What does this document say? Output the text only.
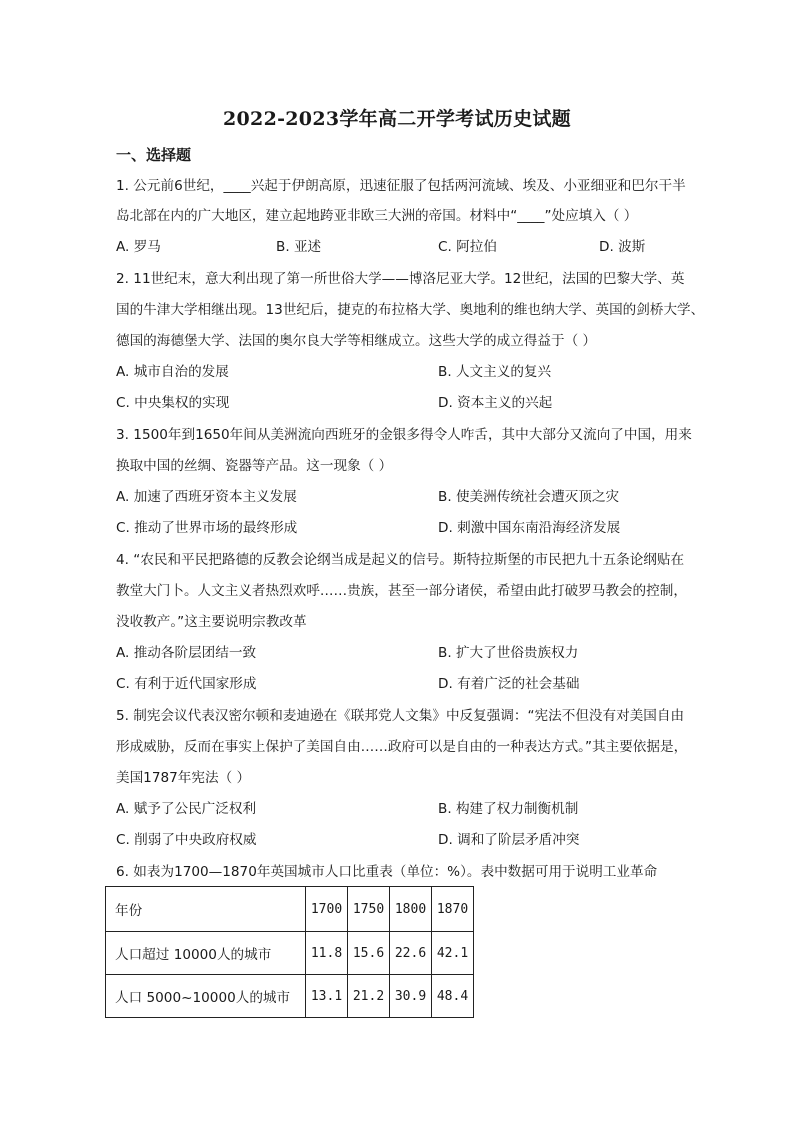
2022-2023学年高二开学考试历史试题
一、选择题
1. 公元前6世纪，____兴起于伊朗高原，迅速征服了包括两河流域、埃及、小亚细亚和巴尔干半
岛北部在内的广大地区，建立起地跨亚非欧三大洲的帝国。材料中“____”处应填入（ ）
A. 罗马	B. 亚述	C. 阿拉伯	D. 波斯
2. 11世纪末，意大利出现了第一所世俗大学——博洛尼亚大学。12世纪，法国的巴黎大学、英
国的牛津大学相继出现。13世纪后，捷克的布拉格大学、奥地利的维也纳大学、英国的剑桥大学、
德国的海德堡大学、法国的奥尔良大学等相继成立。这些大学的成立得益于（ ）
A. 城市自治的发展	B. 人文主义的复兴
C. 中央集权的实现	D. 资本主义的兴起
3. 1500年到1650年间从美洲流向西班牙的金银多得令人咋舌，其中大部分又流向了中国，用来
换取中国的丝绸、瓷器等产品。这一现象（ ）
A. 加速了西班牙资本主义发展	B. 使美洲传统社会遭灭顶之灾
C. 推动了世界市场的最终形成	D. 刺激中国东南沿海经济发展
4. “农民和平民把路德的反教会论纲当成是起义的信号。斯特拉斯堡的市民把九十五条论纲贴在
教堂大门卜。人文主义者热烈欢呼……贵族，甚至一部分诸侯，希望由此打破罗马教会的控制，
没收教产。”这主要说明宗教改革
A. 推动各阶层团结一致	B. 扩大了世俗贵族权力
C. 有利于近代国家形成	D. 有着广泛的社会基础
5. 制宪会议代表汉密尔顿和麦迪逊在《联邦党人文集》中反复强调：“宪法不但没有对美国自由
形成威胁，反而在事实上保护了美国自由……政府可以是自由的一种表达方式。”其主要依据是，
美国1787年宪法（ ）
A. 赋予了公民广泛权利	B. 构建了权力制衡机制
C. 削弱了中央政府权威	D. 调和了阶层矛盾冲突
6. 如表为1700—1870年英国城市人口比重表（单位：%）。表中数据可用于说明工业革命
年份	1700	1750	1800	1870
人口超过 10000人的城市	11.8	15.6	22.6	42.1
人口 5000~10000人的城市	13.1	21.2	30.9	48.4
